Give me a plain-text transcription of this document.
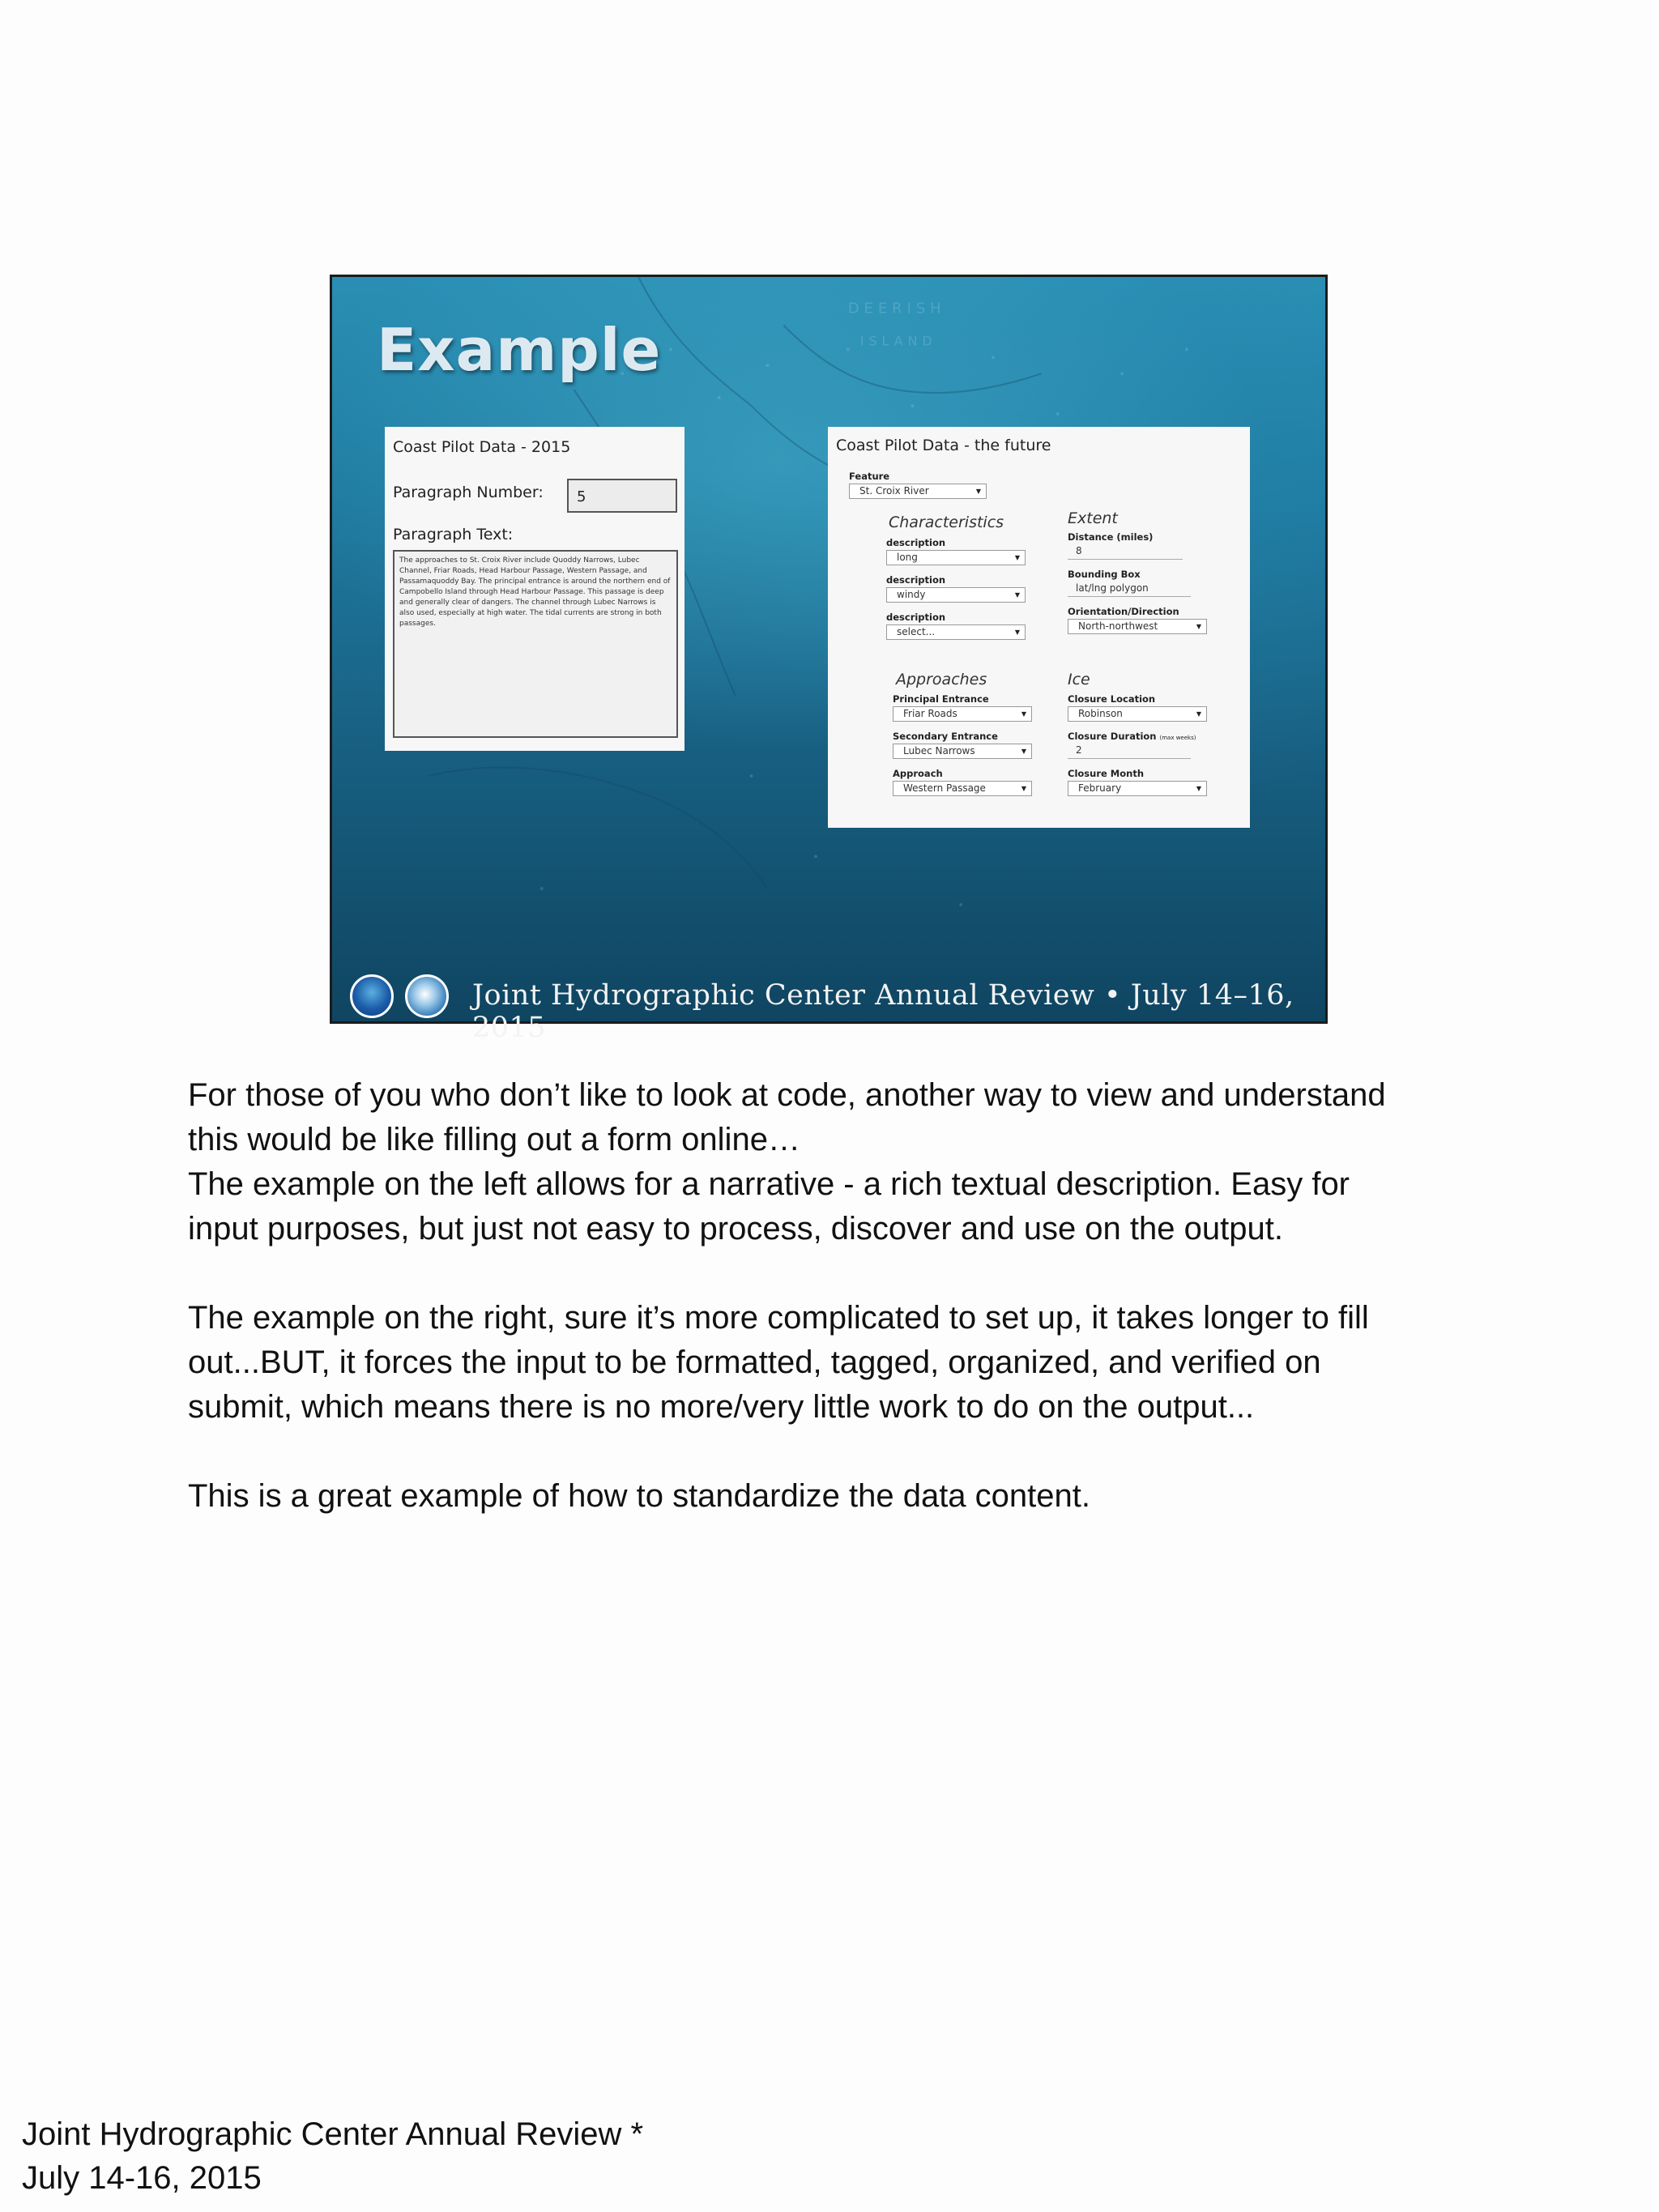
DEERISH
ISLAND
Example
Coast Pilot Data - 2015
Paragraph Number:	5
Paragraph Text:
The approaches to St. Croix River include Quoddy Narrows, Lubec Channel, Friar Roads, Head Harbour Passage, Western Passage, and Passamaquoddy Bay. The principal entrance is around the northern end of Campobello Island through Head Harbour Passage. This passage is deep and generally clear of dangers. The channel through Lubec Narrows is also used, especially at high water. The tidal currents are strong in both passages.
Coast Pilot Data - the future
Feature
St. Croix River	▼
Characteristics
description
long	▼
description
windy	▼
description
select...	▼
Extent
Distance (miles)
8
Bounding Box
lat/lng polygon
Orientation/Direction
North-northwest	▼
Approaches
Principal Entrance
Friar Roads	▼
Secondary Entrance
Lubec Narrows	▼
Approach
Western Passage	▼
Ice
Closure Location
Robinson	▼
Closure Duration (max weeks)
2
Closure Month
February	▼
Joint Hydrographic Center Annual Review • July 14–16, 2015

For those of you who don’t like to look at code, another way to view and understand

this would be like filling out a form online…

The example on the left allows for a narrative - a rich textual description. Easy for

input purposes, but just not easy to process, discover and use on the output.

The example on the right, sure it’s more complicated to set up, it takes longer to fill

out...BUT, it forces the input to be formatted, tagged, organized, and verified on

submit, which means there is no more/very little work to do on the output...

This is a great example of how to standardize the data content.

Joint Hydrographic Center Annual Review *
July 14-16, 2015
